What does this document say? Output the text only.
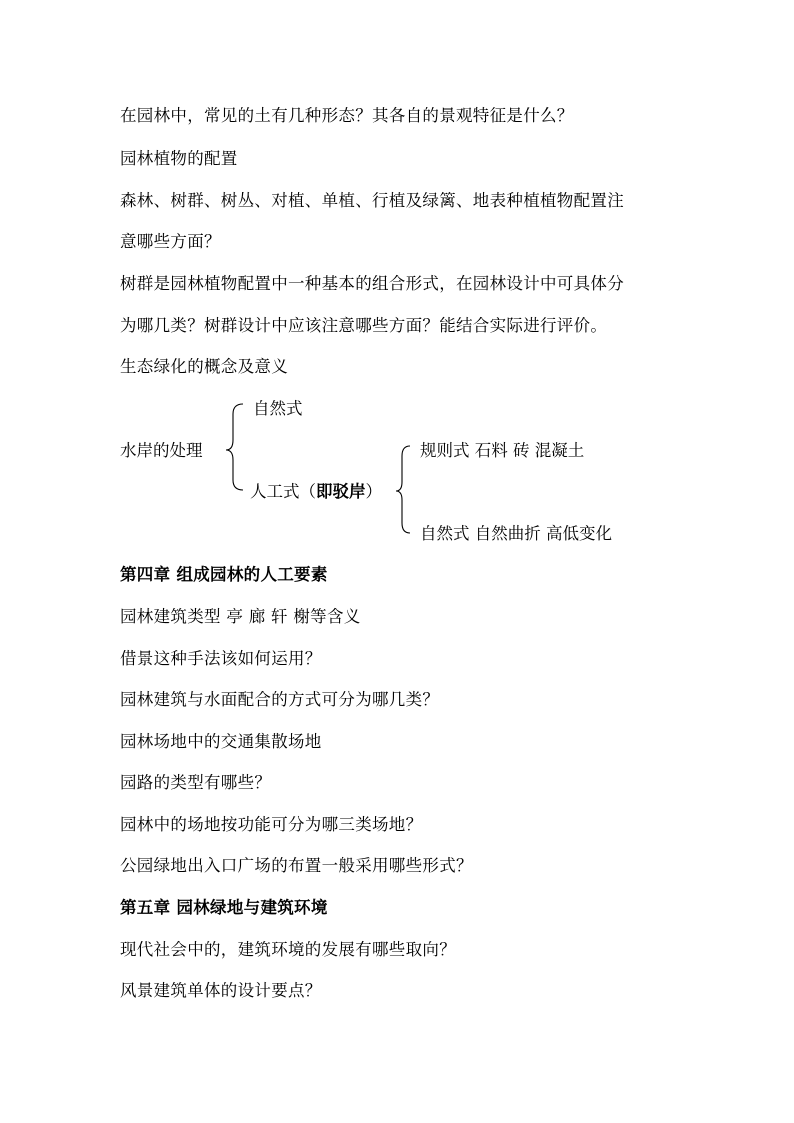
在园林中，常见的土有几种形态？其各自的景观特征是什么？
园林植物的配置
森林、树群、树丛、对植、单植、行植及绿篱、地表种植植物配置注
意哪些方面？
树群是园林植物配置中一种基本的组合形式，在园林设计中可具体分
为哪几类？树群设计中应该注意哪些方面？能结合实际进行评价。
生态绿化的概念及意义
水岸的处理
自然式
人工式（即驳岸）
规则式 石料 砖 混凝土
自然式 自然曲折 高低变化
第四章 组成园林的人工要素
园林建筑类型 亭 廊 轩 榭等含义
借景这种手法该如何运用？
园林建筑与水面配合的方式可分为哪几类？
园林场地中的交通集散场地
园路的类型有哪些？
园林中的场地按功能可分为哪三类场地？
公园绿地出入口广场的布置一般采用哪些形式？
第五章 园林绿地与建筑环境
现代社会中的，建筑环境的发展有哪些取向？
风景建筑单体的设计要点？
